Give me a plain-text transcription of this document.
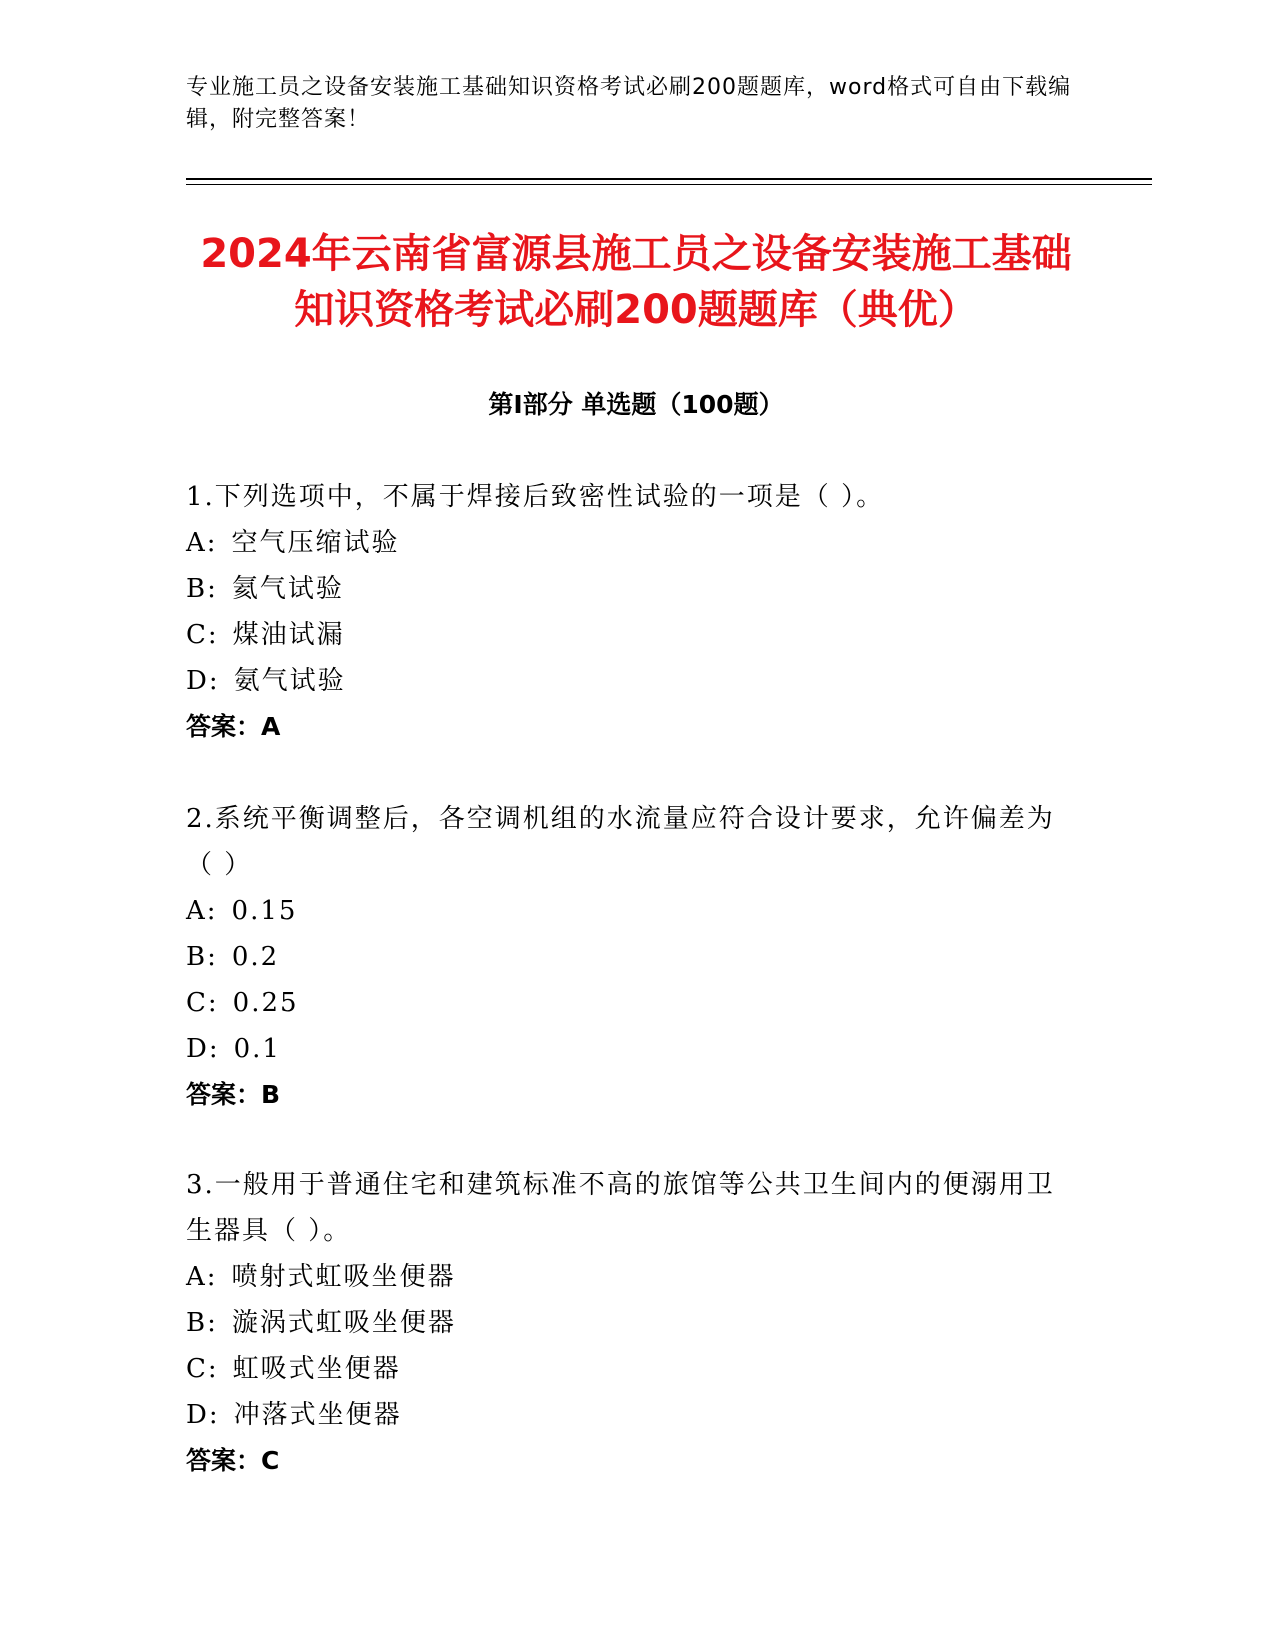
专业施工员之设备安装施工基础知识资格考试必刷200题题库，word格式可自由下载编辑，附完整答案！
2024年云南省富源县施工员之设备安装施工基础知识资格考试必刷200题题库（典优）
第Ⅰ部分 单选题（100题）
1.下列选项中，不属于焊接后致密性试验的一项是（ ）。
A: 空气压缩试验
B: 氦气试验
C: 煤油试漏
D: 氨气试验
答案：A
2.系统平衡调整后，各空调机组的水流量应符合设计要求，允许偏差为（ ）
A: 0.15
B: 0.2
C: 0.25
D: 0.1
答案：B
3.一般用于普通住宅和建筑标准不高的旅馆等公共卫生间内的便溺用卫生器具（ ）。
A: 喷射式虹吸坐便器
B: 漩涡式虹吸坐便器
C: 虹吸式坐便器
D: 冲落式坐便器
答案：C
